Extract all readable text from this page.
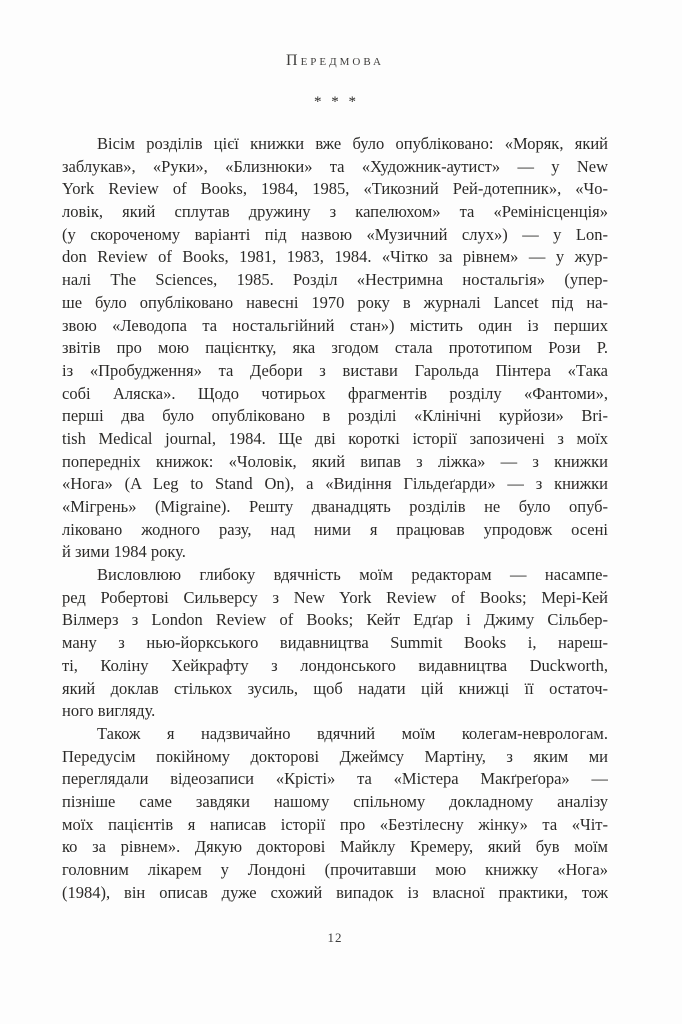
Передмова
* * *
Вісім розділів цієї книжки вже було опубліковано: «Моряк, який
заблукав», «Руки», «Близнюки» та «Художник-аутист» — у New
York Review of Books, 1984, 1985, «Тикозний Рей-дотепник», «Чо-
ловік, який сплутав дружину з капелюхом» та «Ремінісценція»
(у скороченому варіанті під назвою «Музичний слух») — у Lon-
don Review of Books, 1981, 1983, 1984. «Чітко за рівнем» — у жур-
налі The Sciences, 1985. Розділ «Нестримна ностальгія» (упер-
ше було опубліковано навесні 1970 року в журналі Lancet під на-
звою «Леводопа та ностальгійний стан») містить один із перших
звітів про мою пацієнтку, яка згодом стала прототипом Рози Р.
із «Пробудження» та Дебори з вистави Гарольда Пінтера «Така
собі Аляска». Щодо чотирьох фрагментів розділу «Фантоми»,
перші два було опубліковано в розділі «Клінічні курйози» Bri-
tish Medical journal, 1984. Ще дві короткі історії запозичені з моїх
попередніх книжок: «Чоловік, який випав з ліжка» — з книжки
«Нога» (A Leg to Stand On), а «Видіння Гільдеґарди» — з книжки
«Мігрень» (Migraine). Решту дванадцять розділів не було опуб-
ліковано жодного разу, над ними я працював упродовж осені
й зими 1984 року.
Висловлюю глибоку вдячність моїм редакторам — насампе-
ред Робертові Сильверсу з New York Review of Books; Мері-Кей
Вілмерз з London Review of Books; Кейт Едґар і Джиму Сільбер-
ману з нью-йоркського видавництва Summit Books і, нареш-
ті, Коліну Хейкрафту з лондонського видавництва Duckworth,
який доклав стількох зусиль, щоб надати цій книжці її остаточ-
ного вигляду.
Також я надзвичайно вдячний моїм колегам-неврологам.
Передусім покійному докторові Джеймсу Мартіну, з яким ми
переглядали відеозаписи «Крісті» та «Містера Макґреґора» —
пізніше саме завдяки нашому спільному докладному аналізу
моїх пацієнтів я написав історії про «Безтілесну жінку» та «Чіт-
ко за рівнем». Дякую докторові Майклу Кремеру, який був моїм
головним лікарем у Лондоні (прочитавши мою книжку «Нога»
(1984), він описав дуже схожий випадок із власної практики, тож
12
